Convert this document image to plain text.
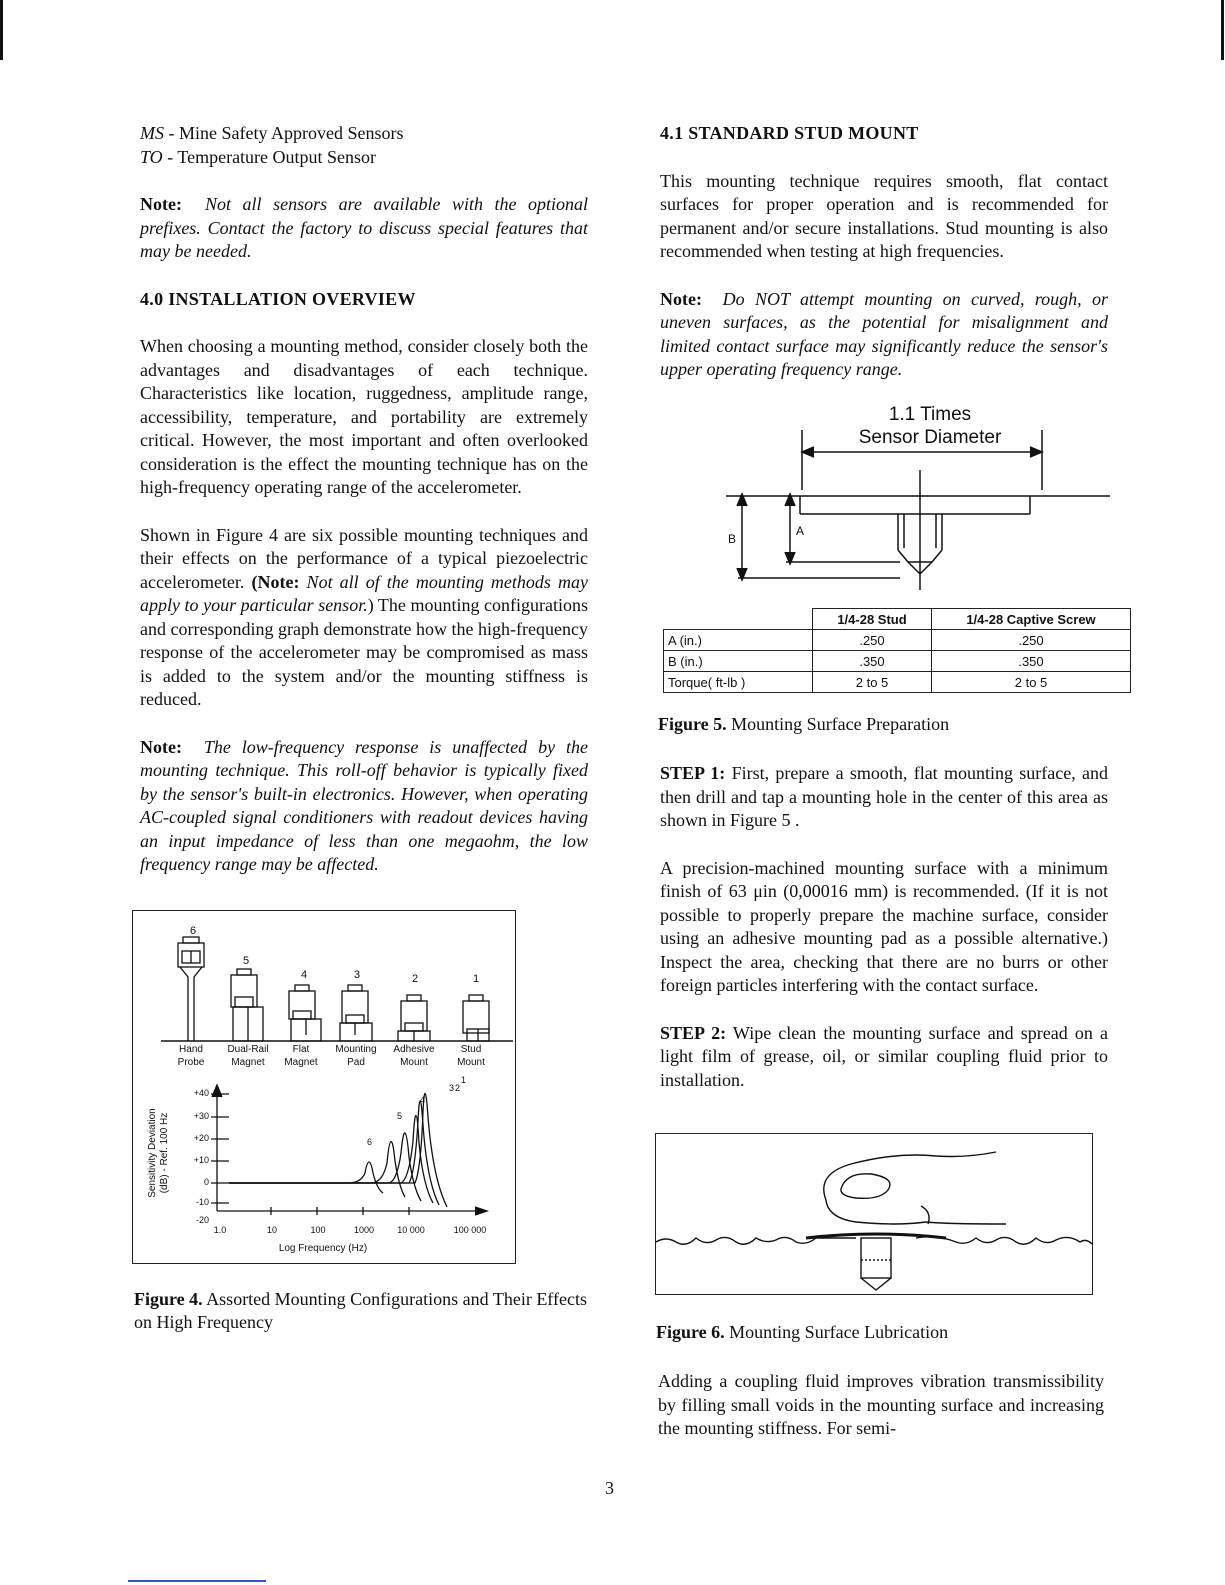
MS - Mine Safety Approved Sensors
TO - Temperature Output Sensor

Note: Not all sensors are available with the optional prefixes. Contact the factory to discuss special features that may be needed.

4.0 INSTALLATION OVERVIEW

When choosing a mounting method, consider closely both the advantages and disadvantages of each technique. Characteristics like location, ruggedness, amplitude range, accessibility, temperature, and portability are extremely critical. However, the most important and often overlooked consideration is the effect the mounting technique has on the high-frequency operating range of the accelerometer.

Shown in Figure 4 are six possible mounting techniques and their effects on the performance of a typical piezoelectric accelerometer. (Note: Not all of the mounting methods may apply to your particular sensor.) The mounting configurations and corresponding graph demonstrate how the high-frequency response of the accelerometer may be compromised as mass is added to the system and/or the mounting stiffness is reduced.

Note: The low-frequency response is unaffected by the mounting technique. This roll-off behavior is typically fixed by the sensor's built-in electronics. However, when operating AC-coupled signal conditioners with readout devices having an input impedance of less than one megaohm, the low frequency range may be affected.

6
5
4	3	2	1
Hand
Probe
Dual-Rail
Magnet
Flat
Magnet
Mounting
Pad
Adhesive
Mount
Stud
Mount
Sensitivity Deviation (dB) - Ref. 100 Hz
+40
+30
+20
+10
0
-10
-20
1.0	10	100	1000	10 000	100 000
Log Frequency (Hz)
6
5
4
3 2
1
Figure 4. Assorted Mounting Configurations and Their Effects on High Frequency
4.1 STANDARD STUD MOUNT

This mounting technique requires smooth, flat contact surfaces for proper operation and is recommended for permanent and/or secure installations. Stud mounting is also recommended when testing at high frequencies.

Note: Do NOT attempt mounting on curved, rough, or uneven surfaces, as the potential for misalignment and limited contact surface may significantly reduce the sensor's upper operating frequency range.

1.1 Times
Sensor Diameter
A
B
	1/4-28 Stud	1/4-28 Captive Screw
A (in.)	.250	.250
B (in.)	.350	.350
Torque( ft-lb )	2 to 5	2 to 5
Figure 5. Mounting Surface Preparation

STEP 1: First, prepare a smooth, flat mounting surface, and then drill and tap a mounting hole in the center of this area as shown in Figure 5 .

A precision-machined mounting surface with a minimum finish of 63 μin (0,00016 mm) is recommended. (If it is not possible to properly prepare the machine surface, consider using an adhesive mounting pad as a possible alternative.) Inspect the area, checking that there are no burrs or other foreign particles interfering with the contact surface.

STEP 2: Wipe clean the mounting surface and spread on a light film of grease, oil, or similar coupling fluid prior to installation.

Figure 6. Mounting Surface Lubrication

Adding a coupling fluid improves vibration transmissibility by filling small voids in the mounting surface and increasing the mounting stiffness. For semi-

3
